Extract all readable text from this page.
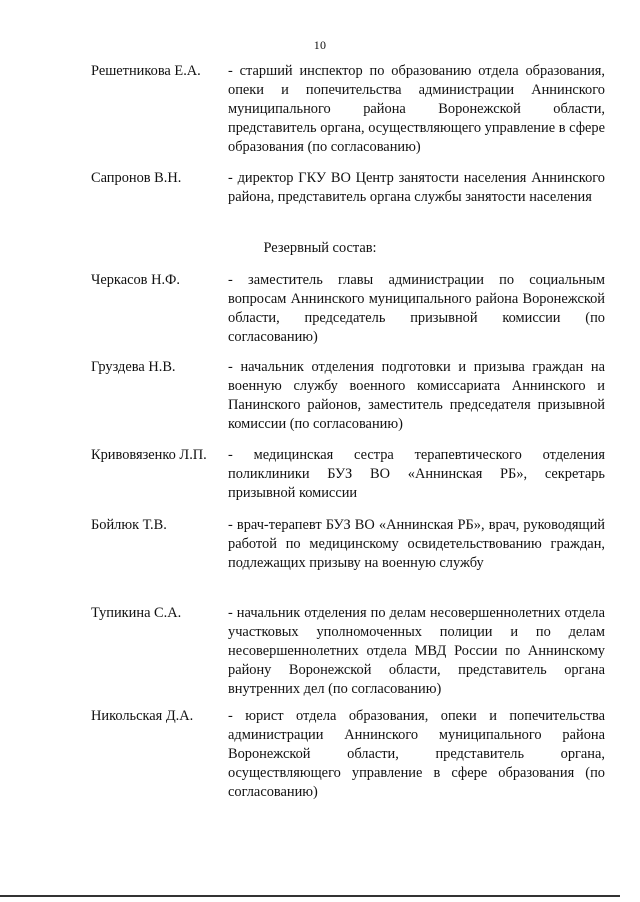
10
Решетникова Е.А. - старший инспектор по образованию отдела образования, опеки и попечительства администрации Аннинского муниципального района Воронежской области, представитель органа, осуществляющего управление в сфере образования (по согласованию)
Сапронов В.Н.	- директор ГКУ ВО Центр занятости населения Аннинского района, представитель органа службы занятости населения
Резервный состав:
Черкасов Н.Ф.	- заместитель главы администрации по социальным вопросам Аннинского муниципального района Воронежской области, председатель призывной комиссии (по согласованию)
Груздева Н.В.	- начальник отделения подготовки и призыва граждан на военную службу военного комиссариата Аннинского и Панинского районов, заместитель председателя призывной комиссии (по согласованию)
Кривовязенко Л.П. - медицинская сестра терапевтического отделения поликлиники БУЗ ВО «Аннинская РБ», секретарь призывной комиссии
Бойлюк Т.В.	- врач-терапевт БУЗ ВО «Аннинская РБ», врач, руководящий работой по медицинскому освидетельствованию граждан, подлежащих призыву на военную службу
Тупикина С.А.	- начальник отделения по делам несовершеннолетних отдела участковых уполномоченных полиции и по делам несовершеннолетних отдела МВД России по Аннинскому району Воронежской области, представитель органа внутренних дел (по согласованию)
Никольская Д.А. - юрист отдела образования, опеки и попечительства администрации Аннинского муниципального района Воронежской области, представитель органа, осуществляющего управление в сфере образования (по согласованию)
